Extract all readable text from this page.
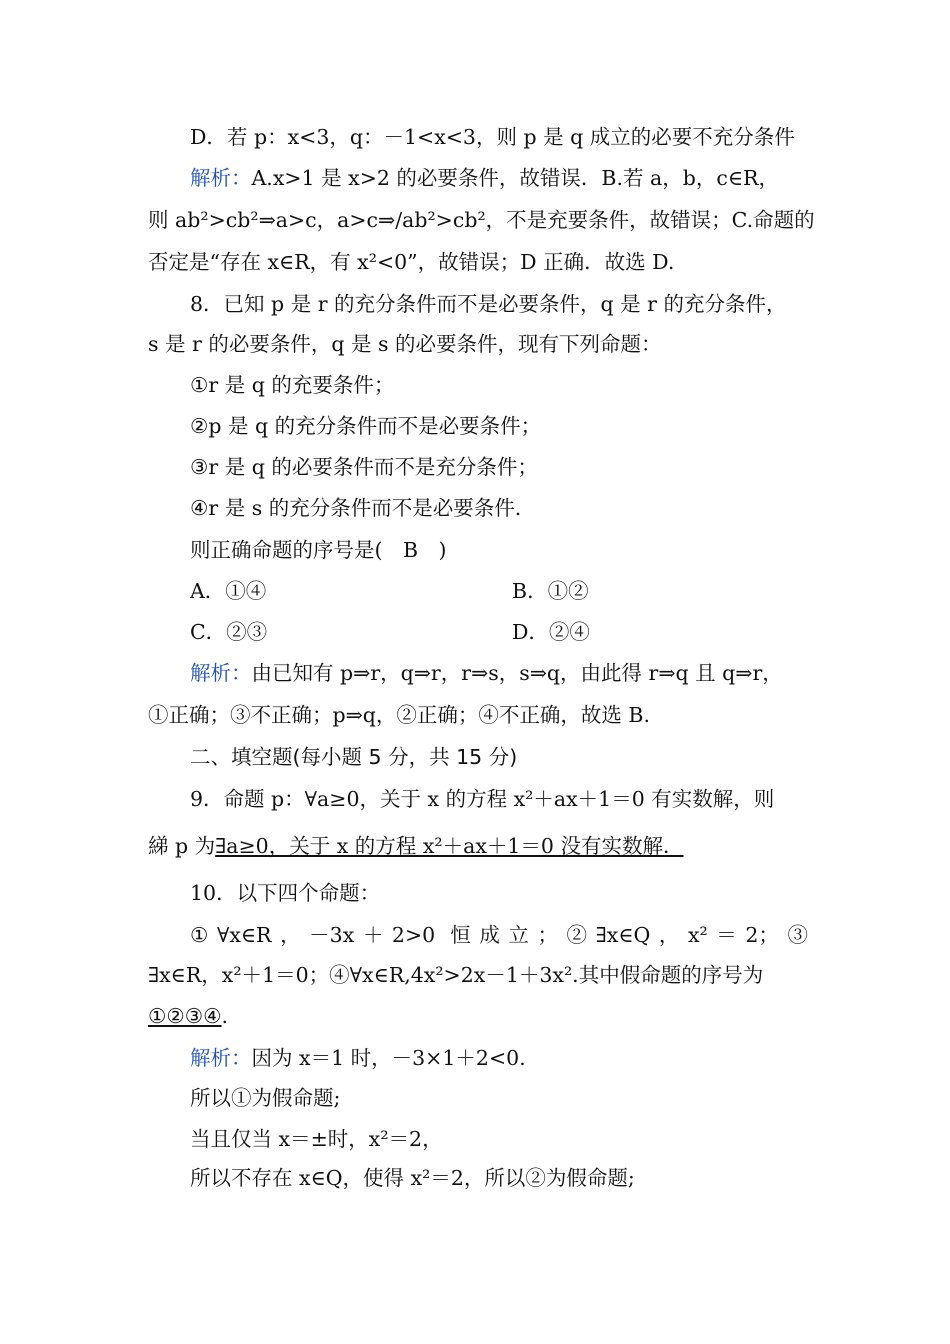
D．若 p：x<3，q：－1<x<3，则 p 是 q 成立的必要不充分条件
解析：A.x>1 是 x>2 的必要条件，故错误．B.若 a，b，c∈R，
则 ab²>cb²⇒a>c，a>c⇒/ab²>cb²，不是充要条件，故错误；C.命题的
否定是“存在 x∈R，有 x²<0”，故错误；D 正确．故选 D.
8．已知 p 是 r 的充分条件而不是必要条件，q 是 r 的充分条件，
s 是 r 的必要条件，q 是 s 的必要条件，现有下列命题：
①r 是 q 的充要条件；
②p 是 q 的充分条件而不是必要条件；
③r 是 q 的必要条件而不是充分条件；
④r 是 s 的充分条件而不是必要条件.
则正确命题的序号是(　B　)
A．①④	B．①②
C．②③	D．②④
解析：由已知有 p⇒r，q⇒r，r⇒s，s⇒q，由此得 r⇒q 且 q⇒r，
①正确；③不正确；p⇒q，②正确；④不正确，故选 B.
二、填空题(每小题 5 分，共 15 分)
9．命题 p：∀a≥0，关于 x 的方程 x²＋ax＋1＝0 有实数解，则
綈 p 为∃a≥0，关于 x 的方程 x²＋ax＋1＝0 没有实数解．
10．以下四个命题：
①∀x∈R，－3x＋2>0 恒成立；②∃x∈Q，x²＝2；③
∃x∈R，x²＋1＝0；④∀x∈R,4x²>2x－1＋3x².其中假命题的序号为
①②③④.
解析：因为 x＝1 时，－3×1＋2<0.
所以①为假命题;
当且仅当 x＝±时，x²＝2，
所以不存在 x∈Q，使得 x²＝2，所以②为假命题;
